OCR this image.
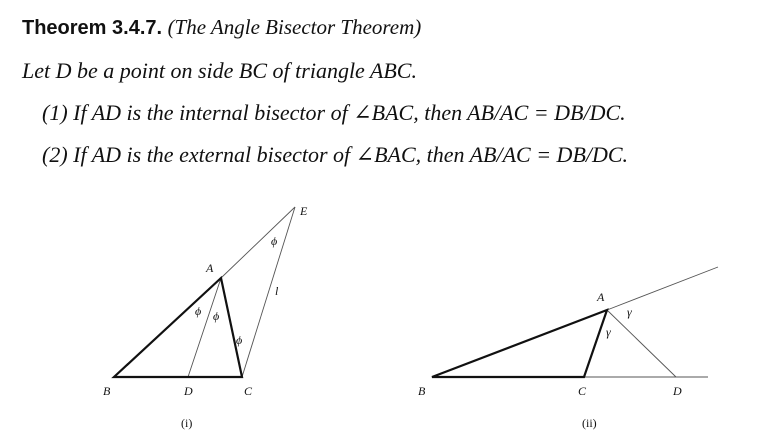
Theorem 3.4.7. (The Angle Bisector Theorem)
Let D be a point on side BC of triangle ABC.
(1) If AD is the internal bisector of ∠BAC, then AB/AC = DB/DC.
(2) If AD is the external bisector of ∠BAC, then AB/AC = DB/DC.
A
B	C
D
E
ϕ ϕ
ϕ
ϕ
l
(i)
A
B	C	D
γ
γ
(ii)
